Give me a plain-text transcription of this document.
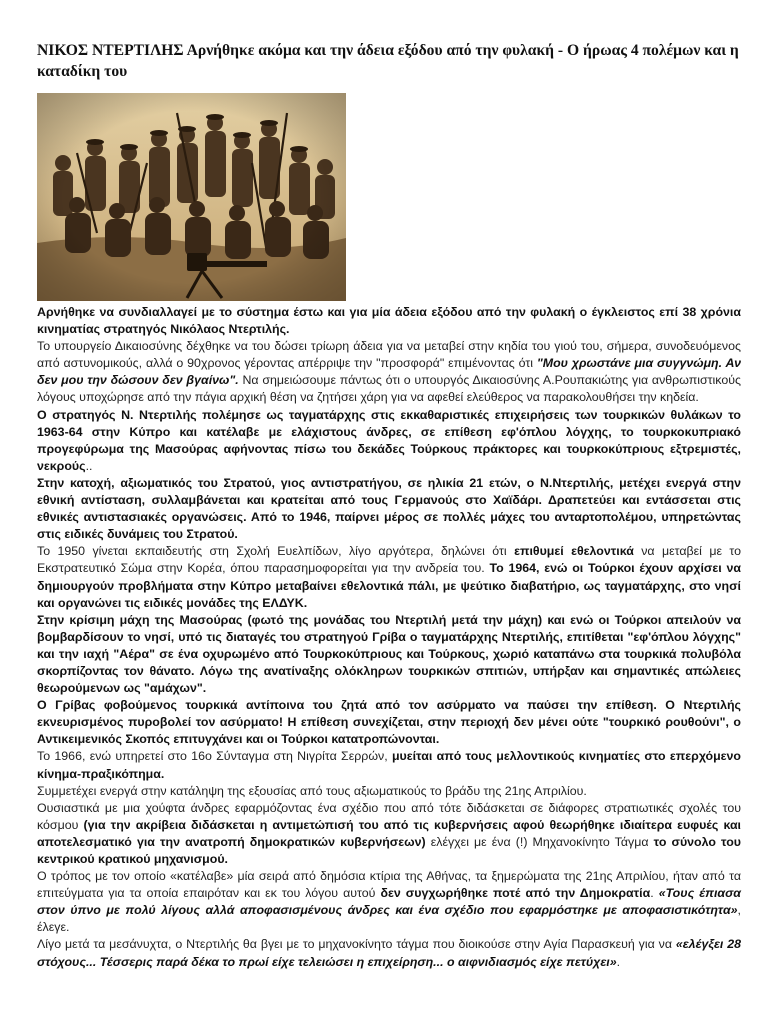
ΝΙΚΟΣ ΝΤΕΡΤΙΛΗΣ Αρνήθηκε ακόμα και την άδεια εξόδου από την φυλακή - Ο ήρωας 4 πολέμων και η καταδίκη του

Αρνήθηκε να συνδιαλλαγεί με το σύστημα έστω και για μία άδεια εξόδου από την φυλακή ο έγκλειστος επί 38 χρόνια κινηματίας στρατηγός Νικόλαος Ντερτιλής.

Το υπουργείο Δικαιοσύνης δέχθηκε να του δώσει τρίωρη άδεια για να μεταβεί στην κηδία του γιού του, σήμερα, συνοδευόμενος από αστυνομικούς, αλλά ο 90χρονος γέροντας απέρριψε την "προσφορά" επιμένοντας ότι "Μου χρωστάνε μια συγγνώμη. Αν δεν μου την δώσουν δεν βγαίνω". Να σημειώσουμε πάντως ότι ο υπουργός Δικαιοσύνης Α.Ρουπακιώτης για ανθρωπιστικούς λόγους υποχώρησε από την πάγια αρχική θέση να ζητήσει χάρη για να αφεθεί ελεύθερος να παρακολουθήσει την κηδεία.

Ο στρατηγός Ν. Ντερτιλής πολέμησε ως ταγματάρχης στις εκκαθαριστικές επιχειρήσεις των τουρκικών θυλάκων το 1963-64 στην Κύπρο και κατέλαβε με ελάχιστους άνδρες, σε επίθεση εφ'όπλου λόγχης, το τουρκοκυπριακό προγεφύρωμα της Μασούρας αφήνοντας πίσω του δεκάδες Τούρκους πράκτορες και τουρκοκύπριους εξτρεμιστές, νεκρούς..

Στην κατοχή, αξιωματικός του Στρατού, γιος αντιστρατήγου, σε ηλικία 21 ετών, ο Ν.Ντερτιλής, μετέχει ενεργά στην εθνική αντίσταση, συλλαμβάνεται και κρατείται από τους Γερμανούς στο Χαϊδάρι. Δραπετεύει και εντάσσεται στις εθνικές αντιστασιακές οργανώσεις. Από το 1946, παίρνει μέρος σε πολλές μάχες του ανταρτοπολέμου, υπηρετώντας στις ειδικές δυνάμεις του Στρατού.

Το 1950 γίνεται εκπαιδευτής στη Σχολή Ευελπίδων, λίγο αργότερα, δηλώνει ότι επιθυμεί εθελοντικά να μεταβεί με το Εκστρατευτικό Σώμα στην Κορέα, όπου παρασημοφορείται για την ανδρεία του. Το 1964, ενώ οι Τούρκοι έχουν αρχίσει να δημιουργούν προβλήματα στην Κύπρο μεταβαίνει εθελοντικά πάλι, με ψεύτικο διαβατήριο, ως ταγματάρχης, στο νησί και οργανώνει τις ειδικές μονάδες της ΕΛΔΥΚ.

Στην κρίσιμη μάχη της Μασούρας (φωτό της μονάδας του Ντερτιλή μετά την μάχη) και ενώ οι Τούρκοι απειλούν να βομβαρδίσουν το νησί, υπό τις διαταγές του στρατηγού Γρίβα ο ταγματάρχης Ντερτιλής, επιτίθεται "εφ'όπλου λόγχης" και την ιαχή "Αέρα" σε ένα οχυρωμένο από Τουρκοκύπριους και Τούρκους, χωριό καταπάνω στα τουρκικά πολυβόλα σκορπίζοντας τον θάνατο. Λόγω της ανατίναξης ολόκληρων τουρκικών σπιτιών, υπήρξαν και σημαντικές απώλειες θεωρούμενων ως "αμάχων".

Ο Γρίβας φοβούμενος τουρκικά αντίποινα του ζητά από τον ασύρματο να παύσει την επίθεση. Ο Ντερτιλής εκνευρισμένος πυροβολεί τον ασύρματο! Η επίθεση συνεχίζεται, στην περιοχή δεν μένει ούτε "τουρκικό ρουθούνι", ο Αντικειμενικός Σκοπός επιτυγχάνει και οι Τούρκοι κατατροπώνονται.

Το 1966, ενώ υπηρετεί στο 16ο Σύνταγμα στη Νιγρίτα Σερρών, μυείται από τους μελλοντικούς κινηματίες στο επερχόμενο κίνημα-πραξικόπημα.

Συμμετέχει ενεργά στην κατάληψη της εξουσίας από τους αξιωματικούς το βράδυ της 21ης Απριλίου.

Ουσιαστικά με μια χούφτα άνδρες εφαρμόζοντας ένα σχέδιο που από τότε διδάσκεται σε διάφορες στρατιωτικές σχολές του κόσμου (για την ακρίβεια διδάσκεται η αντιμετώπισή του από τις κυβερνήσεις αφού θεωρήθηκε ιδιαίτερα ευφυές και αποτελεσματικό για την ανατροπή δημοκρατικών κυβερνήσεων) ελέγχει με ένα (!) Μηχανοκίνητο Τάγμα το σύνολο του κεντρικού κρατικού μηχανισμού.

Ο τρόπος με τον οποίο «κατέλαβε» μία σειρά από δημόσια κτίρια της Αθήνας, τα ξημερώματα της 21ης Απριλίου, ήταν από τα επιτεύγματα για τα οποία επαιρόταν και εκ του λόγου αυτού δεν συγχωρήθηκε ποτέ από την Δημοκρατία. «Τους έπιασα στον ύπνο με πολύ λίγους αλλά αποφασισμένους άνδρες και ένα σχέδιο που εφαρμόστηκε με αποφασιστικότητα», έλεγε.

Λίγο μετά τα μεσάνυχτα, ο Ντερτιλής θα βγει με το μηχανοκίνητο τάγμα που διοικούσε στην Αγία Παρασκευή για να «ελέγξει 28 στόχους... Τέσσερις παρά δέκα το πρωί είχε τελειώσει η επιχείρηση... ο αιφνιδιασμός είχε πετύχει».
